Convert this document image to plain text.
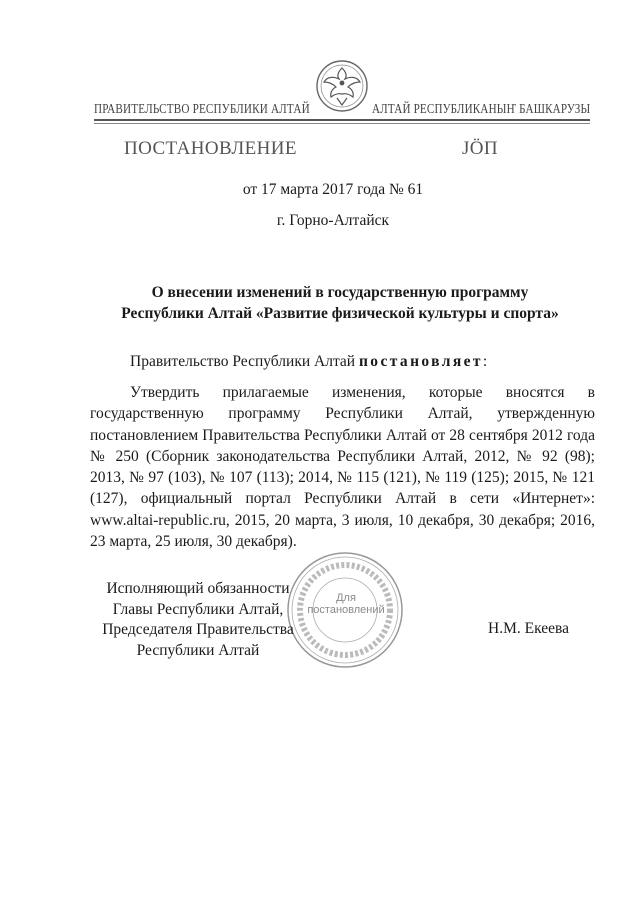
ПРАВИТЕЛЬСТВО РЕСПУБЛИКИ АЛТАЙ	АЛТАЙ РЕСПУБЛИКАНЫҤ БАШКАРУЗЫ
ПОСТАНОВЛЕНИЕ	ЈӦП
от 17 марта 2017 года № 61
г. Горно-Алтайск
О внесении изменений в государственную программу
Республики Алтай «Развитие физической культуры и спорта»
Правительство Республики Алтай постановляет:
Утвердить прилагаемые изменения, которые вносятся в государственную программу Республики Алтай, утвержденную постановлением Правительства Республики Алтай от 28 сентября 2012 года № 250 (Сборник законодательства Республики Алтай, 2012, № 92 (98); 2013, № 97 (103), № 107 (113); 2014, № 115 (121), № 119 (125); 2015, № 121 (127), официальный портал Республики Алтай в сети «Интернет»: www.altai-republic.ru, 2015, 20 марта, 3 июля, 10 декабря, 30 декабря; 2016, 23 марта, 25 июля, 30 декабря).
Для
постановлений
Исполняющий обязанности
Главы Республики Алтай,
Председателя Правительства
Республики Алтай
Н.М. Екеева
